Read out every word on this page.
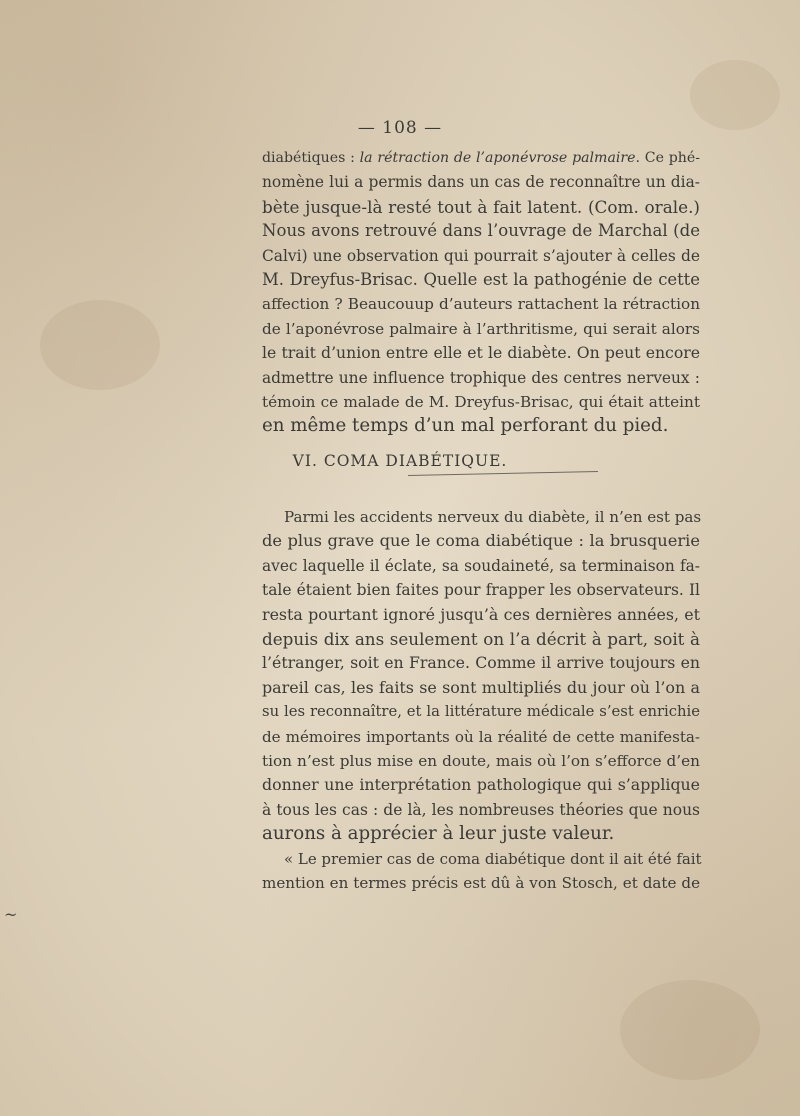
— 108 —

diabétiques : la rétraction de l’aponévrose palmaire. Ce phé-
nomène lui a permis dans un cas de reconnaître un dia-
bète jusque-là resté tout à fait latent. (Com. orale.)
Nous avons retrouvé dans l’ouvrage de Marchal (de
Calvi) une observation qui pourrait s’ajouter à celles de
M. Dreyfus-Brisac. Quelle est la pathogénie de cette
affection ? Beaucouup d’auteurs rattachent la rétraction
de l’aponévrose palmaire à l’arthritisme, qui serait alors
le trait d’union entre elle et le diabète. On peut encore
admettre une influence trophique des centres nerveux :
témoin ce malade de M. Dreyfus-Brisac, qui était atteint
en même temps d’un mal perforant du pied.

VI. COMA DIABÉTIQUE.

Parmi les accidents nerveux du diabète, il n’en est pas
de plus grave que le coma diabétique : la brusquerie
avec laquelle il éclate, sa soudaineté, sa terminaison fa-
tale étaient bien faites pour frapper les observateurs. Il
resta pourtant ignoré jusqu’à ces dernières années, et
depuis dix ans seulement on l’a décrit à part, soit à
l’étranger, soit en France. Comme il arrive toujours en
pareil cas, les faits se sont multipliés du jour où l’on a
su les reconnaître, et la littérature médicale s’est enrichie
de mémoires importants où la réalité de cette manifesta-
tion n’est plus mise en doute, mais où l’on s’efforce d’en
donner une interprétation pathologique qui s’applique
à tous les cas : de là, les nombreuses théories que nous
aurons à apprécier à leur juste valeur.

« Le premier cas de coma diabétique dont il ait été fait
mention en termes précis est dû à von Stosch, et date de

~
